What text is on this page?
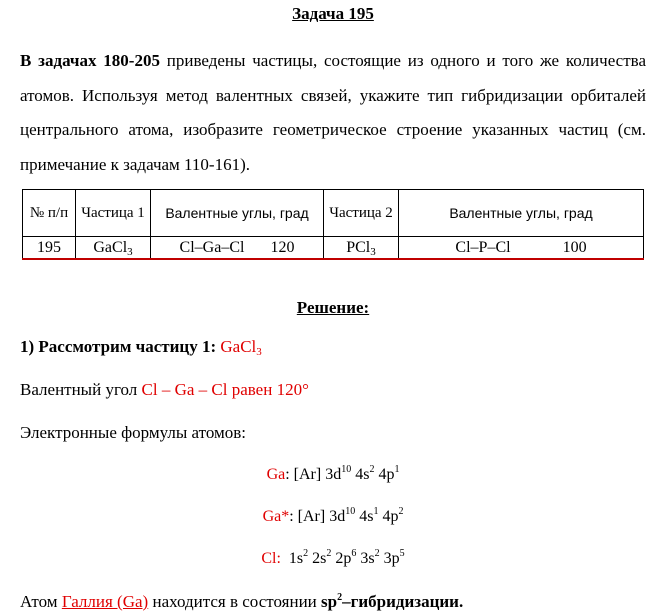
Задача 195
В задачах 180-205 приведены частицы, состоящие из одного и того же количества атомов. Используя метод валентных связей, укажите тип гибридизации орбиталей центрального атома, изобразите геометрическое строение указанных частиц (см. примечание к задачам 110-161).
№ п/п	Частица 1	Валентные углы, град	Частица 2	Валентные углы, град
195	GaCl$_3$	Cl–Ga–Cl 120	PCl$_3$	Cl–P–Cl 100
Решение:
1) Рассмотрим частицу 1: GaCl$_3$
Валентный угол Cl – Ga – Cl равен 120°
Электронные формулы атомов:
Ga: [Ar] $3d^{10}$ $4s^2$ $4p^1$
Ga*: [Ar] $3d^{10}$ $4s^1$ $4p^2$
Cl:  $1s^2$ $2s^2$ $2p^6$ $3s^2$ $3p^5$
Атом Галлия (Ga) находится в состоянии $sp^2$–гибридизации.
